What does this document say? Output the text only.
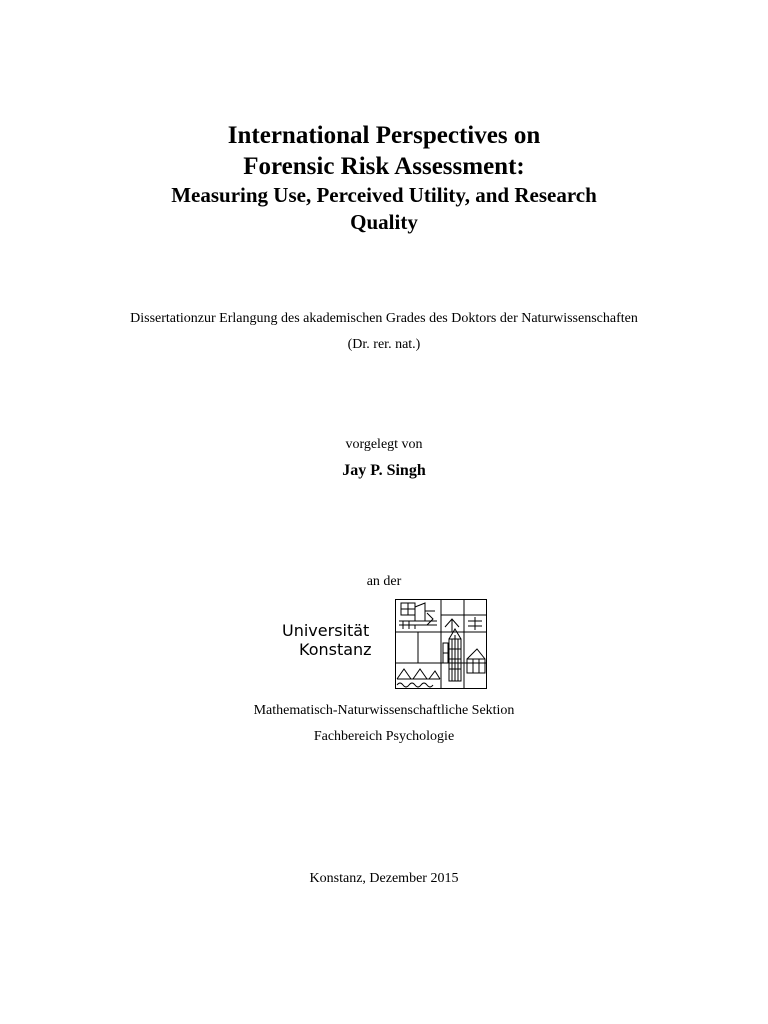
International Perspectives on

Forensic Risk Assessment:

Measuring Use, Perceived Utility, and Research

Quality

Dissertationzur Erlangung des akademischen Grades des Doktors der Naturwissenschaften
(Dr. rer. nat.)
vorgelegt von
Jay P. Singh
an der
Universität
Konstanz
Mathematisch-Naturwissenschaftliche Sektion
Fachbereich Psychologie
Konstanz, Dezember 2015
